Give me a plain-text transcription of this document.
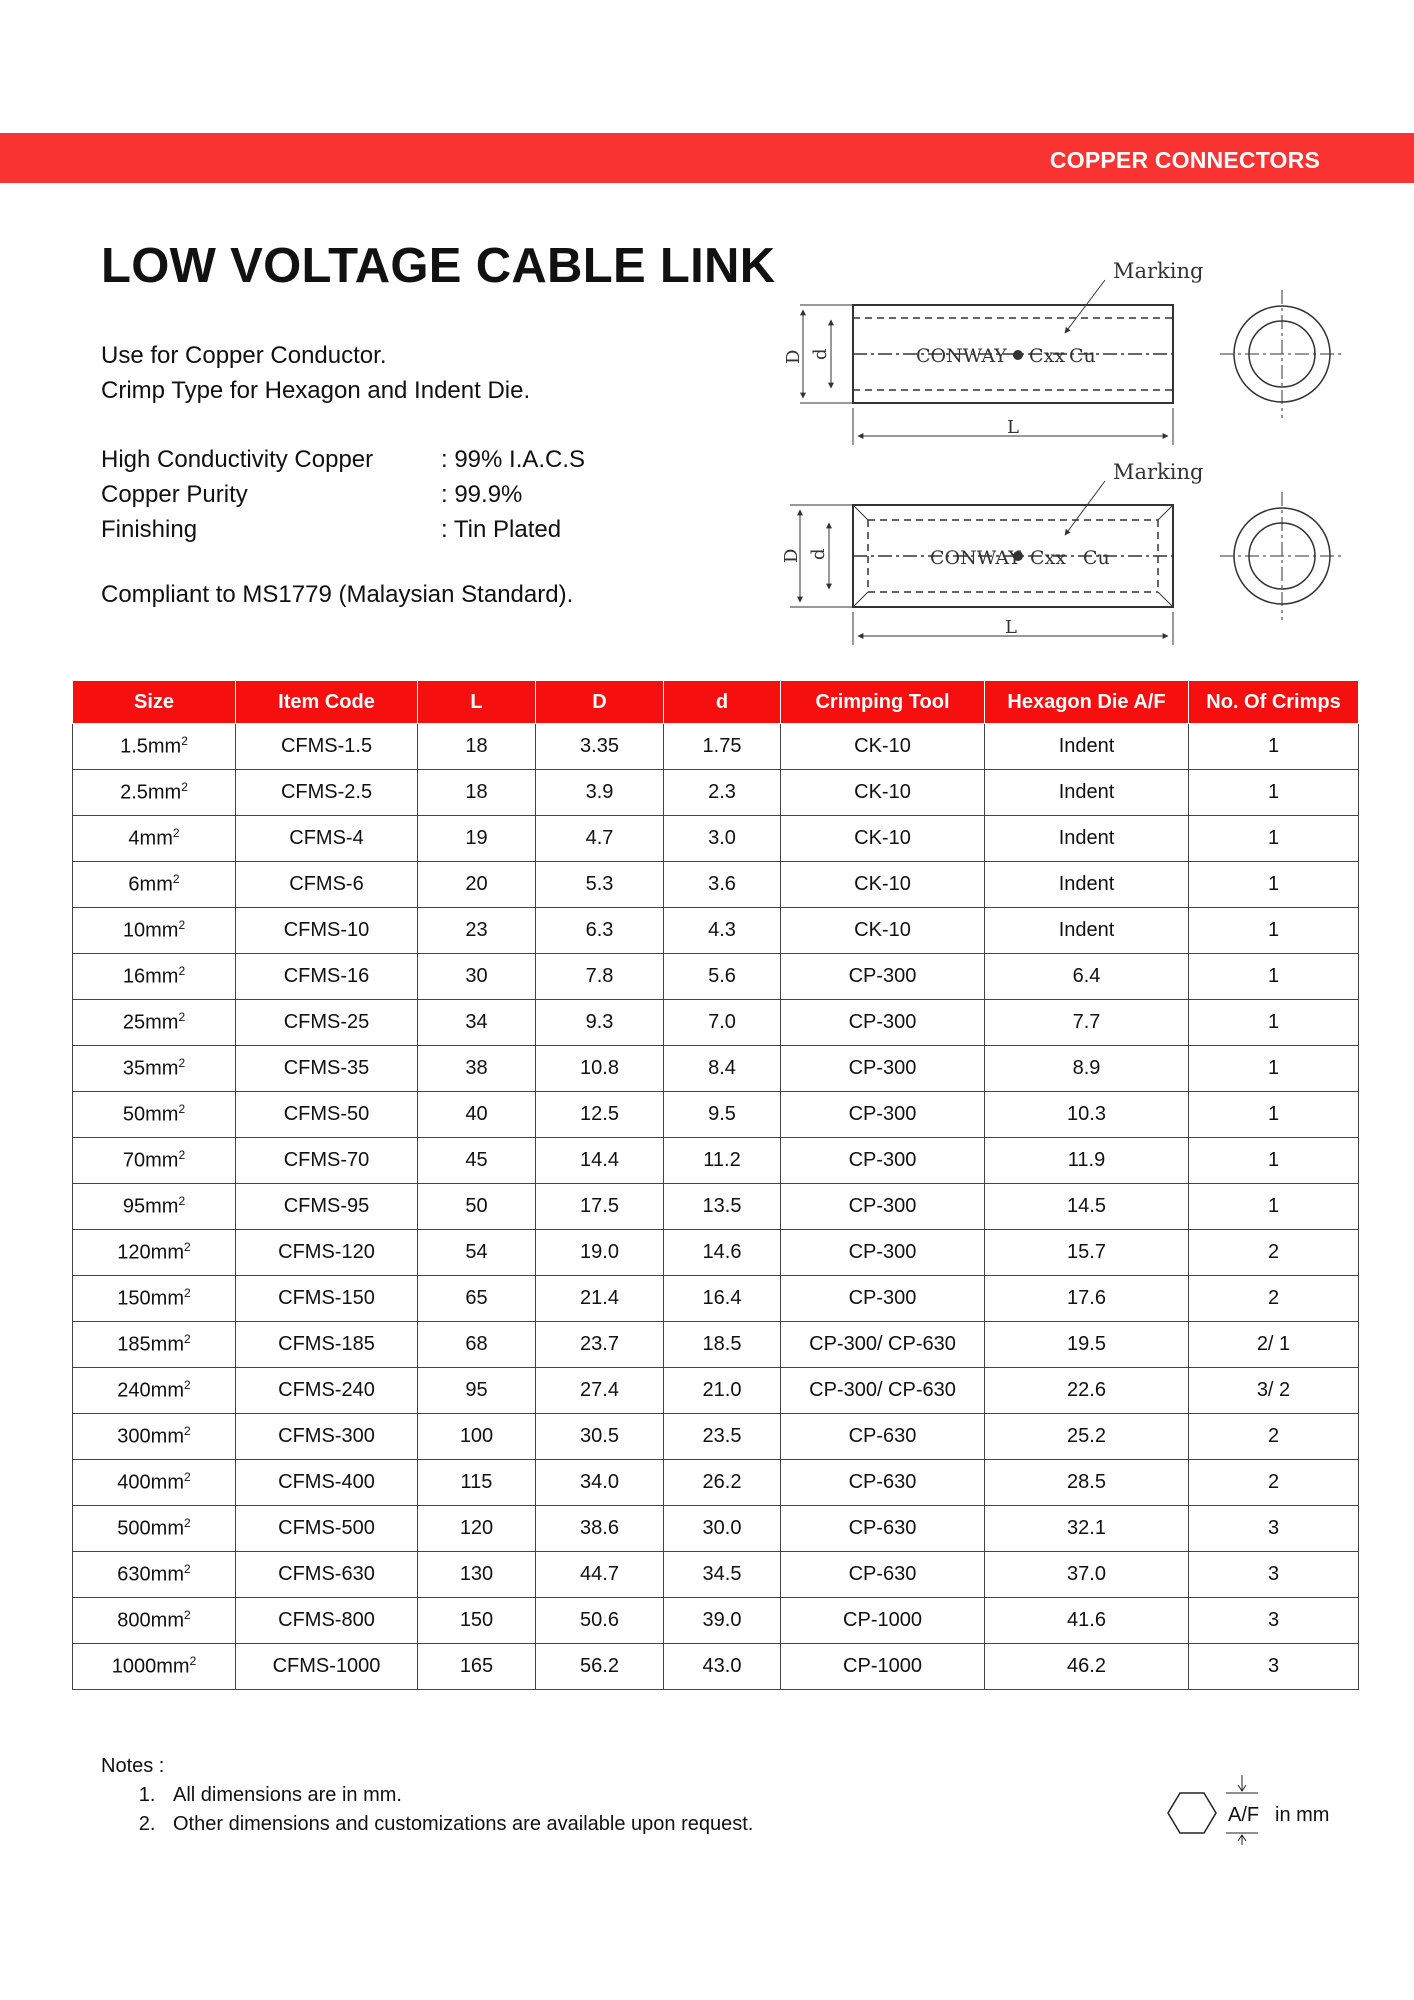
COPPER CONNECTORS
LOW VOLTAGE CABLE LINK
Use for Copper Conductor.
Crimp Type for Hexagon and Indent Die.
High Conductivity Copper	: 99% I.A.C.S
Copper Purity	: 99.9%
Finishing	: Tin Plated
Compliant to MS1779 (Malaysian Standard).
Marking
Marking
CONWAY Cxx Cu
CONWAY Cxx Cu
L
L
D d
D d
Size	Item Code	L	D	d	Crimping Tool	Hexagon Die A/F	No. Of Crimps
$1.5mm^2$	CFMS-1.5	18	3.35	1.75	CK-10	Indent	1
$2.5mm^2$	CFMS-2.5	18	3.9	2.3	CK-10	Indent	1
$4mm^2$	CFMS-4	19	4.7	3.0	CK-10	Indent	1
$6mm^2$	CFMS-6	20	5.3	3.6	CK-10	Indent	1
$10mm^2$	CFMS-10	23	6.3	4.3	CK-10	Indent	1
$16mm^2$	CFMS-16	30	7.8	5.6	CP-300	6.4	1
$25mm^2$	CFMS-25	34	9.3	7.0	CP-300	7.7	1
$35mm^2$	CFMS-35	38	10.8	8.4	CP-300	8.9	1
$50mm^2$	CFMS-50	40	12.5	9.5	CP-300	10.3	1
$70mm^2$	CFMS-70	45	14.4	11.2	CP-300	11.9	1
$95mm^2$	CFMS-95	50	17.5	13.5	CP-300	14.5	1
$120mm^2$	CFMS-120	54	19.0	14.6	CP-300	15.7	2
$150mm^2$	CFMS-150	65	21.4	16.4	CP-300	17.6	2
$185mm^2$	CFMS-185	68	23.7	18.5	CP-300/ CP-630	19.5	2/ 1
$240mm^2$	CFMS-240	95	27.4	21.0	CP-300/ CP-630	22.6	3/ 2
$300mm^2$	CFMS-300	100	30.5	23.5	CP-630	25.2	2
$400mm^2$	CFMS-400	115	34.0	26.2	CP-630	28.5	2
$500mm^2$	CFMS-500	120	38.6	30.0	CP-630	32.1	3
$630mm^2$	CFMS-630	130	44.7	34.5	CP-630	37.0	3
$800mm^2$	CFMS-800	150	50.6	39.0	CP-1000	41.6	3
$1000mm^2$	CFMS-1000	165	56.2	43.0	CP-1000	46.2	3
Notes :
1. All dimensions are in mm.
2. Other dimensions and customizations are available upon request.	A/F in mm
